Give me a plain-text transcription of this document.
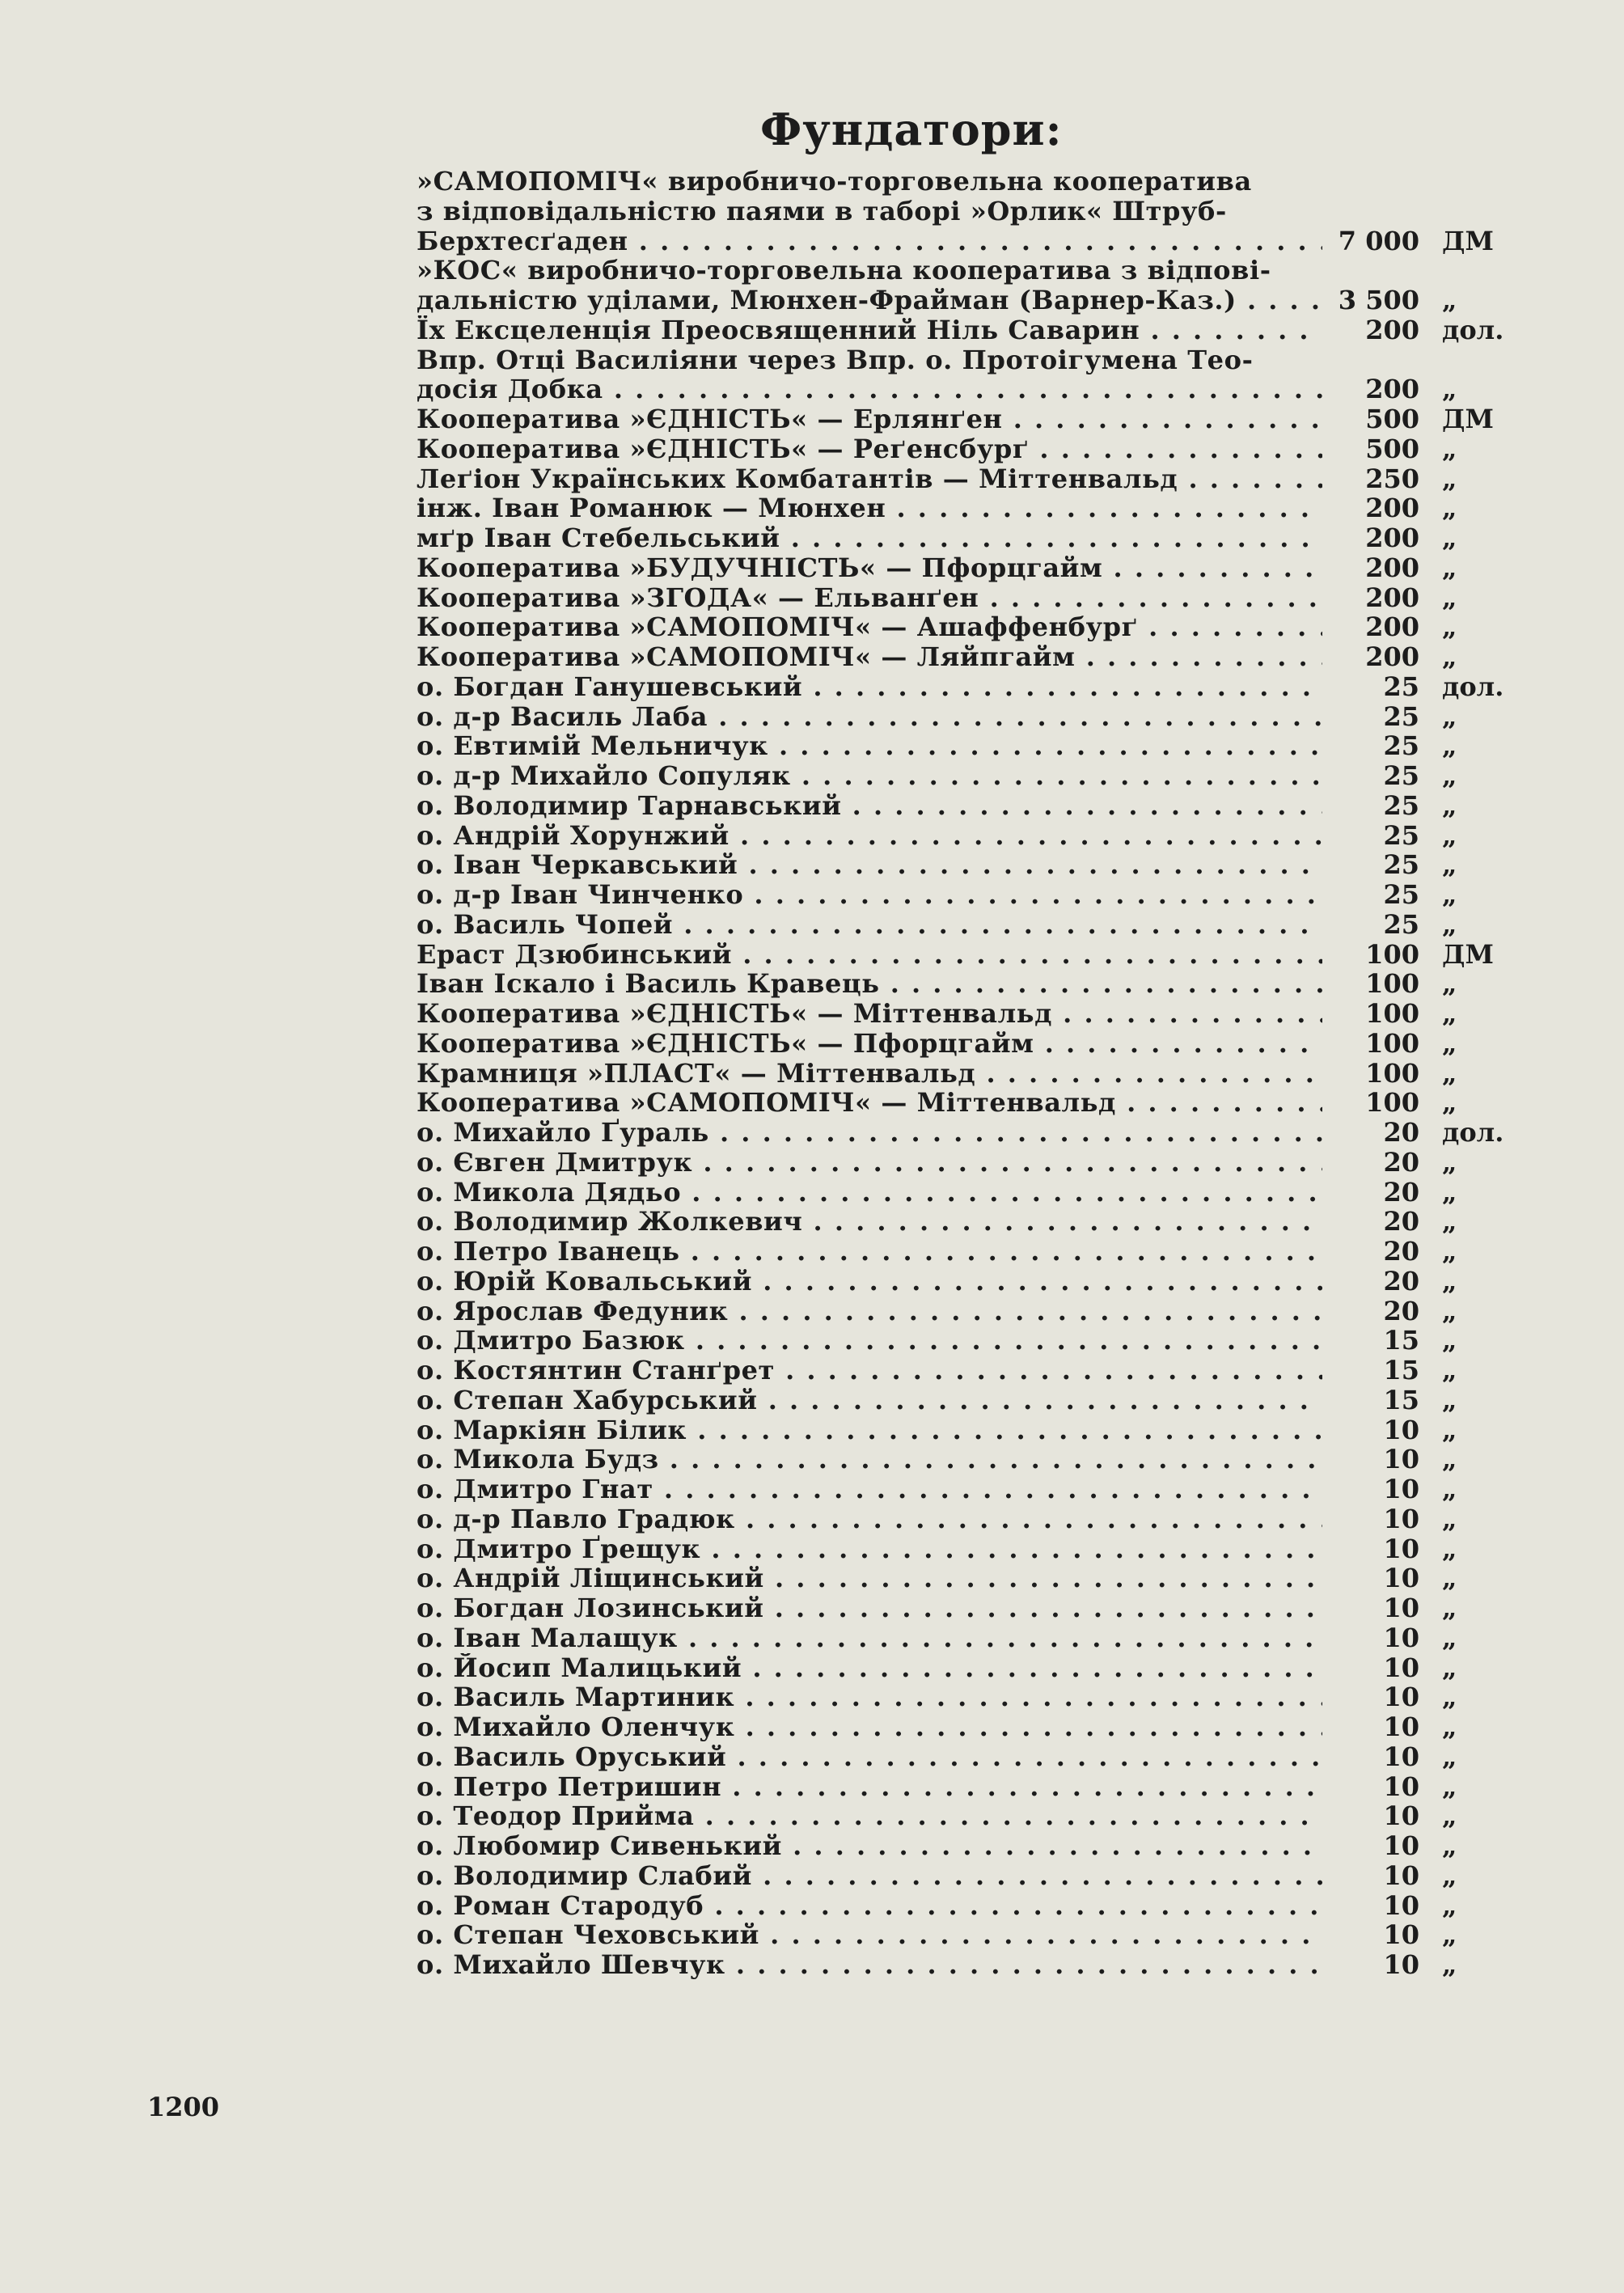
Фундатори:
»САМОПОМІЧ« виробничо-торговельна кооператива
з відповідальністю паями в таборі »Орлик« Штруб-
Берхтесґаден . . .	7 000 ДМ
»КОС« виробничо-торговельна кооператива з відпові-
дальністю уділами, Мюнхен-Фрайман (Варнер-Каз.) . . .	3 500 „
Їх Ексцеленція Преосвященний Ніль Саварин . . .	200 дол.
Впр. Отці Василіяни через Впр. о. Протоігумена Тео-
досія Добка . . .	200 „
Кооператива »ЄДНІСТЬ« — Ерлянґен . . .	500 ДМ
Кооператива »ЄДНІСТЬ« — Реґенсбурґ . . .	500 „
Леґіон Українських Комбатантів — Міттенвальд . . .	250 „
інж. Іван Романюк — Мюнхен . . .	200 „
мґр Іван Стебельський . . .	200 „
Кооператива »БУДУЧНІСТЬ« — Пфорцгайм . . .	200 „
Кооператива »ЗГОДА« — Ельванґен . . .	200 „
Кооператива »САМОПОМІЧ« — Ашаффенбурґ . . .	200 „
Кооператива »САМОПОМІЧ« — Ляйпгайм . . .	200 „
о. Богдан Ганушевський . . .	25 дол.
о. д-р Василь Лаба . . .	25 „
о. Евтимій Мельничук . . .	25 „
о. д-р Михайло Сопуляк . . .	25 „
о. Володимир Тарнавський . . .	25 „
о. Андрій Хорунжий . . .	25 „
о. Іван Черкавський . . .	25 „
о. д-р Іван Чинченко . . .	25 „
о. Василь Чопей . . .	25 „
Ераст Дзюбинський . . .	100 ДМ
Іван Іскало і Василь Кравець . . .	100 „
Кооператива »ЄДНІСТЬ« — Міттенвальд . . .	100 „
Кооператива »ЄДНІСТЬ« — Пфорцгайм . . .	100 „
Крамниця »ПЛАСТ« — Міттенвальд . . .	100 „
Кооператива »САМОПОМІЧ« — Міттенвальд . . .	100 „
о. Михайло Ґураль . . .	20 дол.
о. Євген Дмитрук . . .	20 „
о. Микола Дядьо . . .	20 „
о. Володимир Жолкевич . . .	20 „
о. Петро Іванець . . .	20 „
о. Юрій Ковальський . . .	20 „
о. Ярослав Федуник . . .	20 „
о. Дмитро Базюк . . .	15 „
о. Костянтин Станґрет . . .	15 „
о. Степан Хабурський . . .	15 „
о. Маркіян Білик . . .	10 „
о. Микола Будз . . .	10 „
о. Дмитро Гнат . . .	10 „
о. д-р Павло Градюк . . .	10 „
о. Дмитро Ґрещук . . .	10 „
о. Андрій Ліщинський . . .	10 „
о. Богдан Лозинський . . .	10 „
о. Іван Малащук . . .	10 „
о. Йосип Малицький . . .	10 „
о. Василь Мартиник . . .	10 „
о. Михайло Оленчук . . .	10 „
о. Василь Оруський . . .	10 „
о. Петро Петришин . . .	10 „
о. Теодор Прийма . . .	10 „
о. Любомир Сивенький . . .	10 „
о. Володимир Слабий . . .	10 „
о. Роман Стародуб . . .	10 „
о. Степан Чеховський . . .	10 „
о. Михайло Шевчук . . .	10 „
1200
